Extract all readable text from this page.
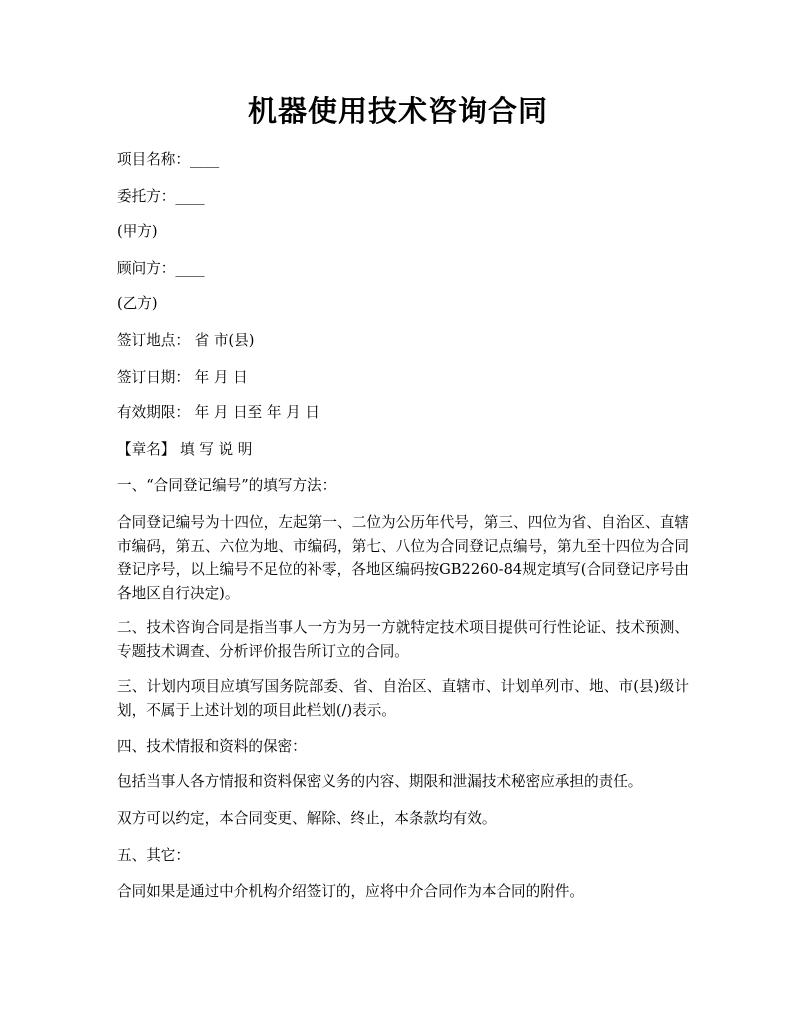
机器使用技术咨询合同

项目名称：____

委托方：____

(甲方)

顾问方：____

(乙方)

签订地点： 省 市(县)

签订日期： 年 月 日

有效期限： 年 月 日至 年 月 日

【章名】 填 写 说 明

一、“合同登记编号”的填写方法：

合同登记编号为十四位，左起第一、二位为公历年代号，第三、四位为省、自治区、直辖市编码，第五、六位为地、市编码，第七、八位为合同登记点编号，第九至十四位为合同登记序号，以上编号不足位的补零，各地区编码按GB2260-84规定填写(合同登记序号由各地区自行决定)。

二、技术咨询合同是指当事人一方为另一方就特定技术项目提供可行性论证、技术预测、专题技术调查、分析评价报告所订立的合同。

三、计划内项目应填写国务院部委、省、自治区、直辖市、计划单列市、地、市(县)级计划，不属于上述计划的项目此栏划(/)表示。

四、技术情报和资料的保密：

包括当事人各方情报和资料保密义务的内容、期限和泄漏技术秘密应承担的责任。

双方可以约定，本合同变更、解除、终止，本条款均有效。

五、其它：

合同如果是通过中介机构介绍签订的，应将中介合同作为本合同的附件。
